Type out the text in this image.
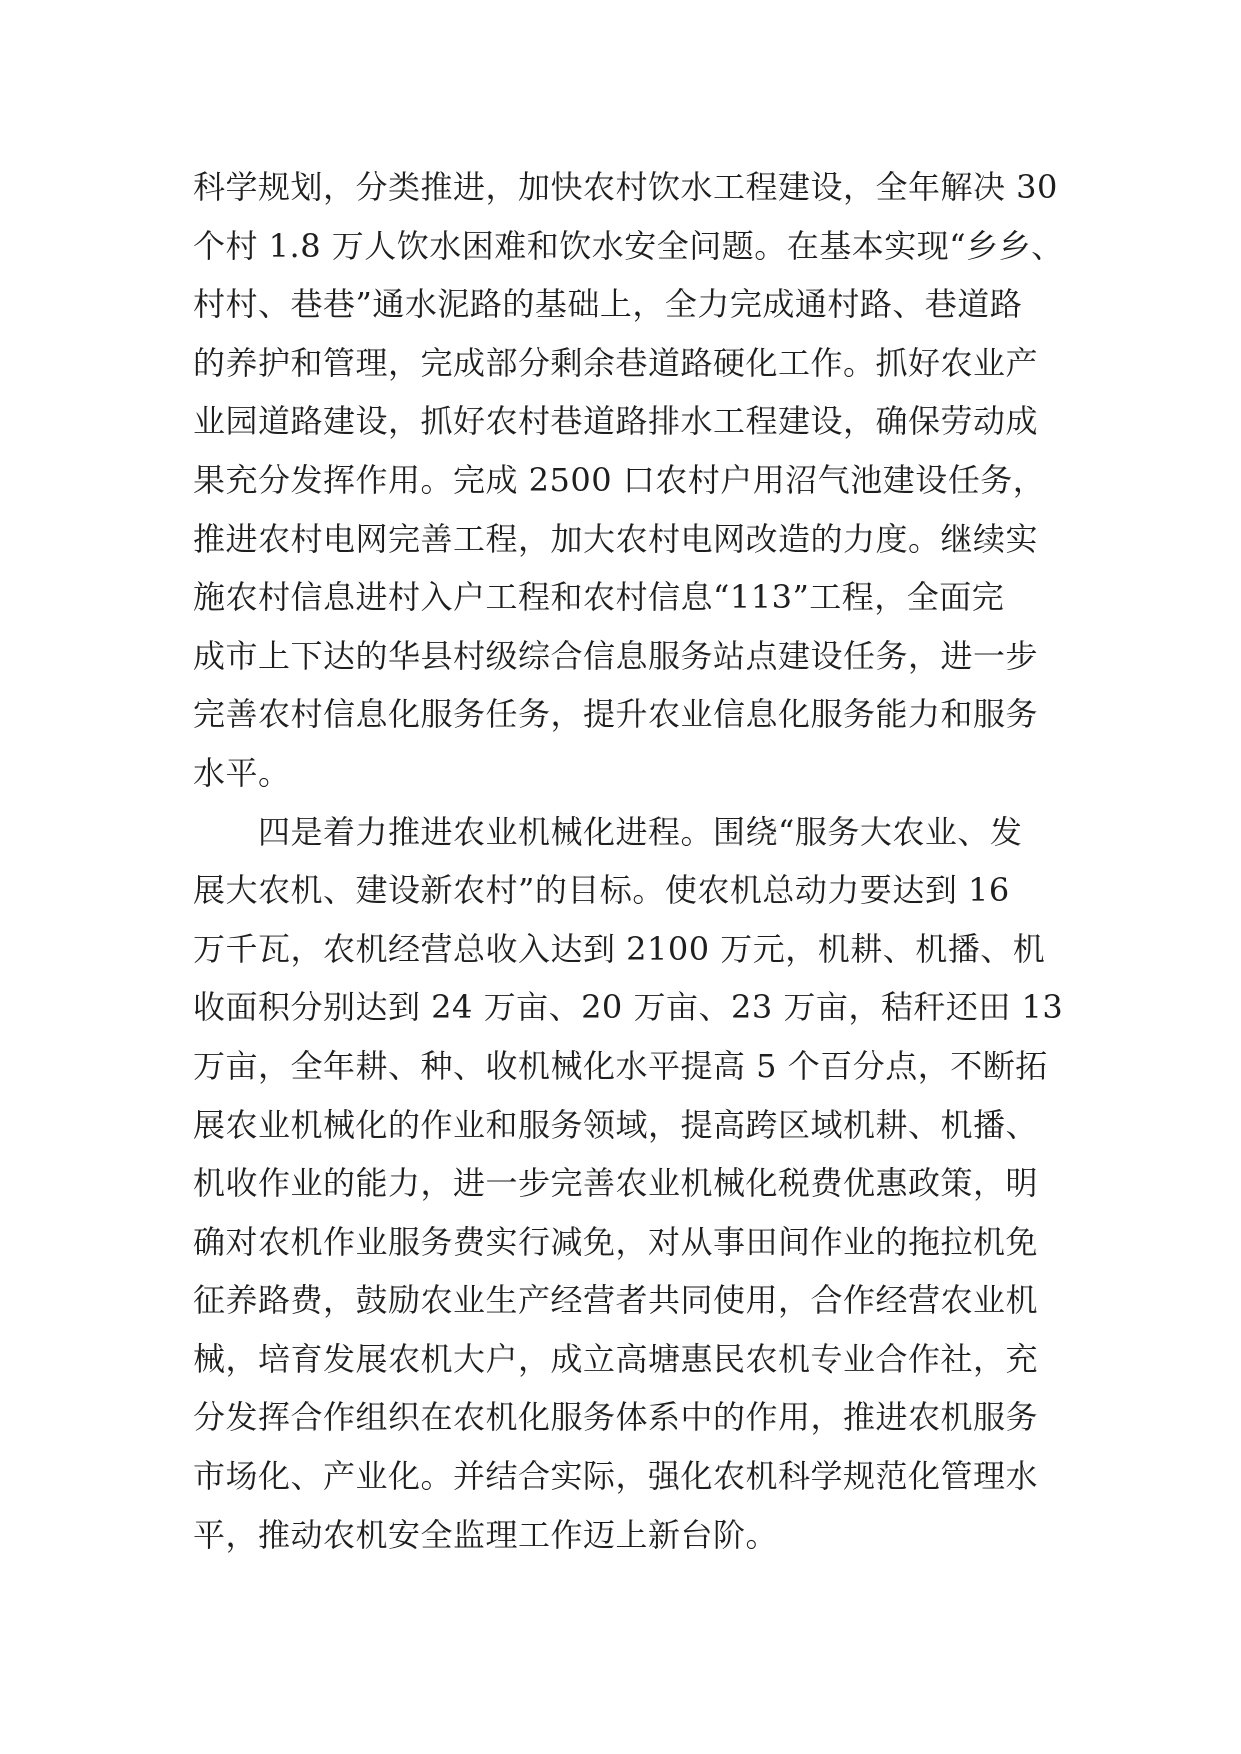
科学规划，分类推进，加快农村饮水工程建设，全年解决 30
个村 1.8 万人饮水困难和饮水安全问题。在基本实现“乡乡、
村村、巷巷”通水泥路的基础上，全力完成通村路、巷道路
的养护和管理，完成部分剩余巷道路硬化工作。抓好农业产
业园道路建设，抓好农村巷道路排水工程建设，确保劳动成
果充分发挥作用。完成 2500 口农村户用沼气池建设任务，
推进农村电网完善工程，加大农村电网改造的力度。继续实
施农村信息进村入户工程和农村信息“113”工程，全面完
成市上下达的华县村级综合信息服务站点建设任务，进一步
完善农村信息化服务任务，提升农业信息化服务能力和服务
水平。
　　四是着力推进农业机械化进程。围绕“服务大农业、发
展大农机、建设新农村”的目标。使农机总动力要达到 16
万千瓦，农机经营总收入达到 2100 万元，机耕、机播、机
收面积分别达到 24 万亩、20 万亩、23 万亩，秸秆还田 13
万亩，全年耕、种、收机械化水平提高 5 个百分点，不断拓
展农业机械化的作业和服务领域，提高跨区域机耕、机播、
机收作业的能力，进一步完善农业机械化税费优惠政策，明
确对农机作业服务费实行减免，对从事田间作业的拖拉机免
征养路费，鼓励农业生产经营者共同使用，合作经营农业机
械，培育发展农机大户，成立高塘惠民农机专业合作社，充
分发挥合作组织在农机化服务体系中的作用，推进农机服务
市场化、产业化。并结合实际，强化农机科学规范化管理水
平，推动农机安全监理工作迈上新台阶。
